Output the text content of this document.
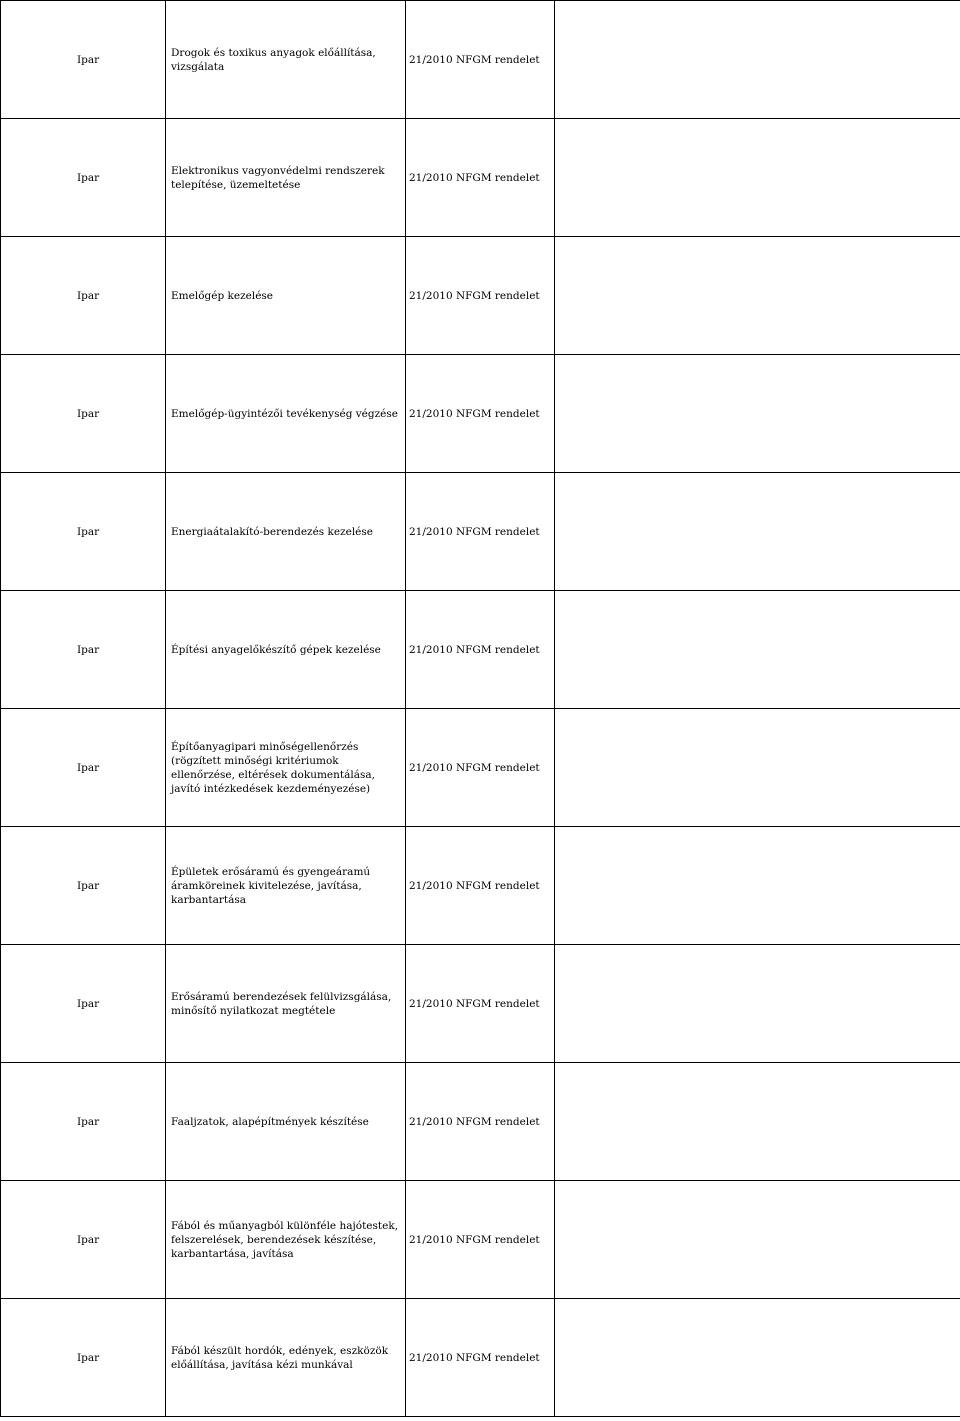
Ipar	Drogok és toxikus anyagok előállítása, vizsgálata	21/2010 NFGM rendelet	
Ipar	Elektronikus vagyonvédelmi rendszerek telepítése, üzemeltetése	21/2010 NFGM rendelet	
Ipar	Emelőgép kezelése	21/2010 NFGM rendelet	
Ipar	Emelőgép-ügyintézői tevékenység végzése	21/2010 NFGM rendelet	
Ipar	Energiaátalakító-berendezés kezelése	21/2010 NFGM rendelet	
Ipar	Építési anyagelőkészítő gépek kezelése	21/2010 NFGM rendelet	
Ipar	Építőanyagipari minőségellenőrzés (rögzített minőségi kritériumok ellenőrzése, eltérések dokumentálása, javító intézkedések kezdeményezése)	21/2010 NFGM rendelet	
Ipar	Épületek erősáramú és gyengeáramú áramköreinek kivitelezése, javítása, karbantartása	21/2010 NFGM rendelet	
Ipar	Erősáramú berendezések felülvizsgálása, minősítő nyilatkozat megtétele	21/2010 NFGM rendelet	
Ipar	Faaljzatok, alapépítmények készítése	21/2010 NFGM rendelet	
Ipar	Fából és műanyagból különféle hajótestek, felszerelések, berendezések készítése, karbantartása, javítása	21/2010 NFGM rendelet	
Ipar	Fából készült hordók, edények, eszközök előállítása, javítása kézi munkával	21/2010 NFGM rendelet	
